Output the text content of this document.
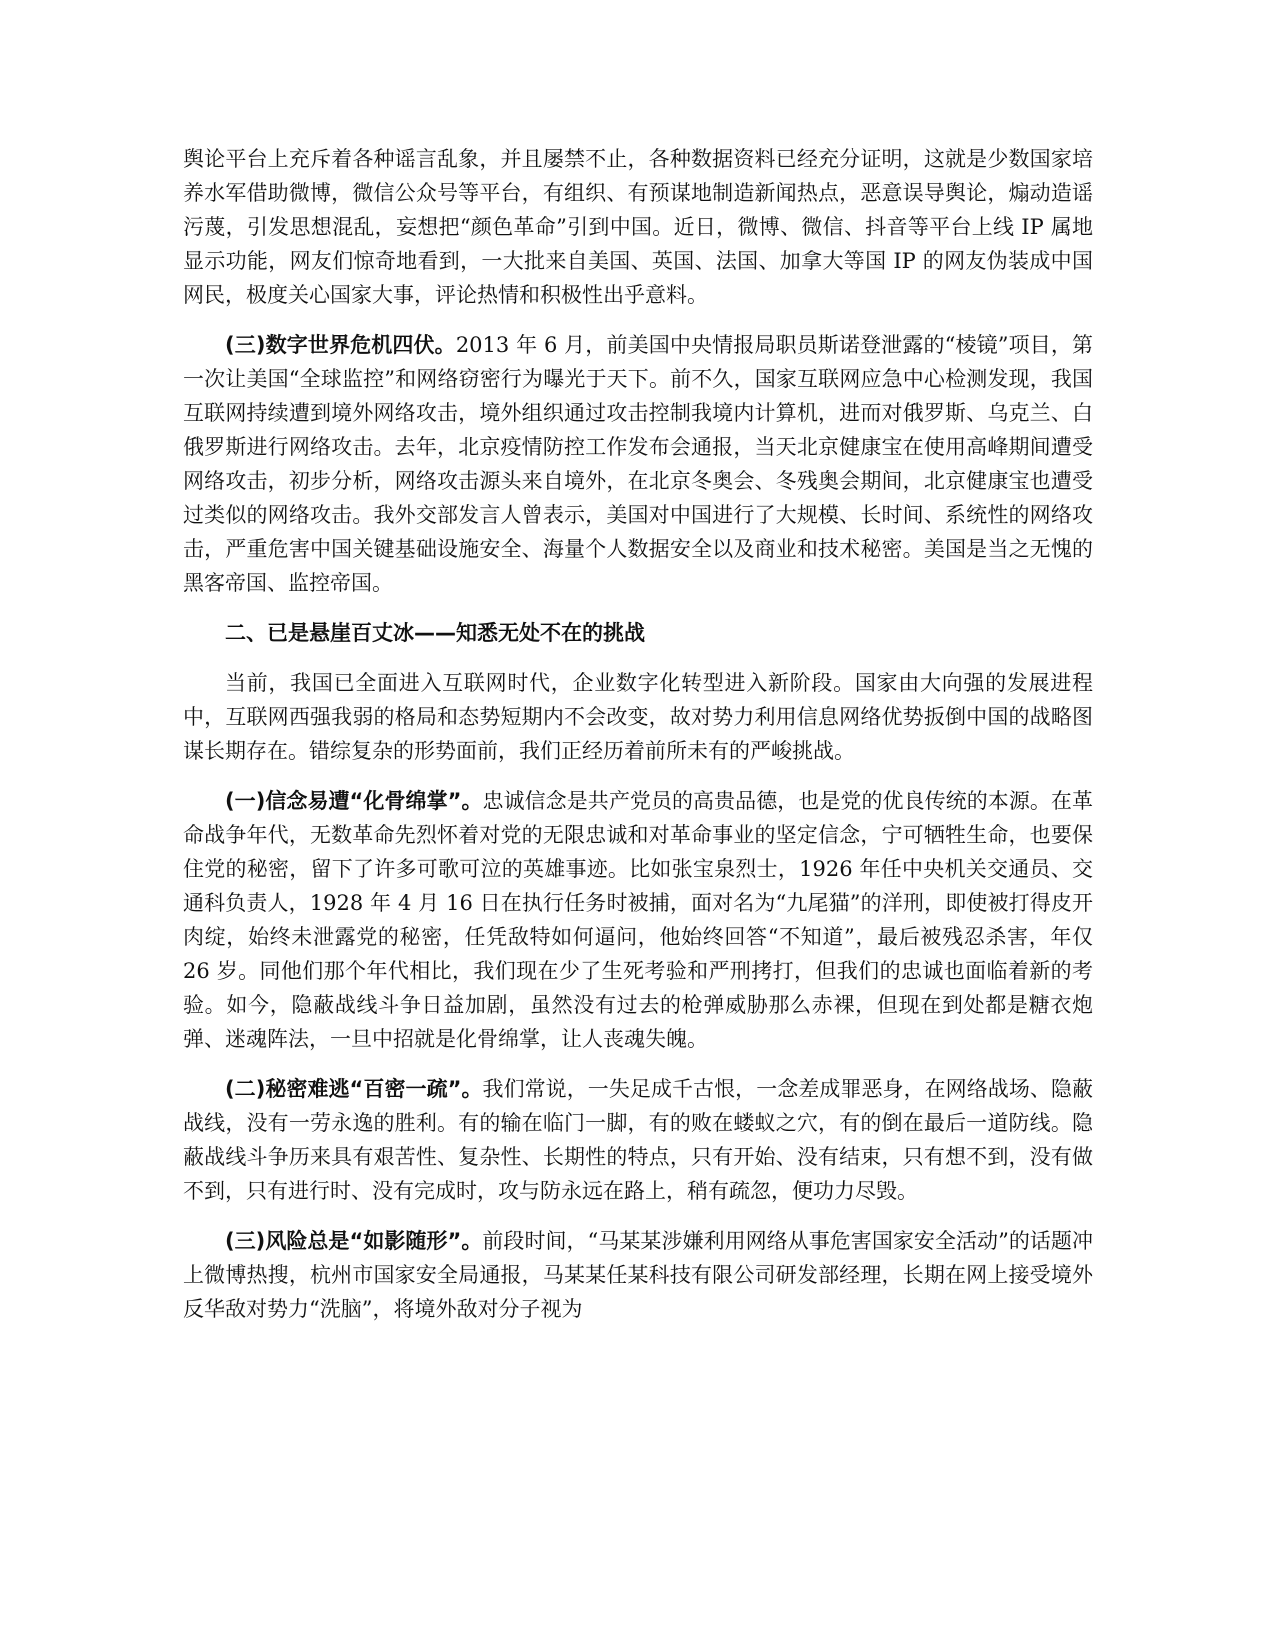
舆论平台上充斥着各种谣言乱象，并且屡禁不止，各种数据资料已经充分证明，这就是少数国家培养水军借助微博，微信公众号等平台，有组织、有预谋地制造新闻热点，恶意误导舆论，煽动造谣污蔑，引发思想混乱，妄想把“颜色革命”引到中国。近日，微博、微信、抖音等平台上线 IP 属地显示功能，网友们惊奇地看到，一大批来自美国、英国、法国、加拿大等国 IP 的网友伪装成中国网民，极度关心国家大事，评论热情和积极性出乎意料。

(三)数字世界危机四伏。2013 年 6 月，前美国中央情报局职员斯诺登泄露的“棱镜”项目，第一次让美国“全球监控”和网络窃密行为曝光于天下。前不久，国家互联网应急中心检测发现，我国互联网持续遭到境外网络攻击，境外组织通过攻击控制我境内计算机，进而对俄罗斯、乌克兰、白俄罗斯进行网络攻击。去年，北京疫情防控工作发布会通报，当天北京健康宝在使用高峰期间遭受网络攻击，初步分析，网络攻击源头来自境外，在北京冬奥会、冬残奥会期间，北京健康宝也遭受过类似的网络攻击。我外交部发言人曾表示，美国对中国进行了大规模、长时间、系统性的网络攻击，严重危害中国关键基础设施安全、海量个人数据安全以及商业和技术秘密。美国是当之无愧的黑客帝国、监控帝国。

二、已是悬崖百丈冰——知悉无处不在的挑战

当前，我国已全面进入互联网时代，企业数字化转型进入新阶段。国家由大向强的发展进程中，互联网西强我弱的格局和态势短期内不会改变，故对势力利用信息网络优势扳倒中国的战略图谋长期存在。错综复杂的形势面前，我们正经历着前所未有的严峻挑战。

(一)信念易遭“化骨绵掌”。忠诚信念是共产党员的高贵品德，也是党的优良传统的本源。在革命战争年代，无数革命先烈怀着对党的无限忠诚和对革命事业的坚定信念，宁可牺牲生命，也要保住党的秘密，留下了许多可歌可泣的英雄事迹。比如张宝泉烈士，1926 年任中央机关交通员、交通科负责人，1928 年 4 月 16 日在执行任务时被捕，面对名为“九尾猫”的洋刑，即使被打得皮开肉绽，始终未泄露党的秘密，任凭敌特如何逼问，他始终回答“不知道”，最后被残忍杀害，年仅 26 岁。同他们那个年代相比，我们现在少了生死考验和严刑拷打，但我们的忠诚也面临着新的考验。如今，隐蔽战线斗争日益加剧，虽然没有过去的枪弹威胁那么赤裸，但现在到处都是糖衣炮弹、迷魂阵法，一旦中招就是化骨绵掌，让人丧魂失魄。

(二)秘密难逃“百密一疏”。我们常说，一失足成千古恨，一念差成罪恶身，在网络战场、隐蔽战线，没有一劳永逸的胜利。有的输在临门一脚，有的败在蝼蚁之穴，有的倒在最后一道防线。隐蔽战线斗争历来具有艰苦性、复杂性、长期性的特点，只有开始、没有结束，只有想不到，没有做不到，只有进行时、没有完成时，攻与防永远在路上，稍有疏忽，便功力尽毁。

(三)风险总是“如影随形”。前段时间，“马某某涉嫌利用网络从事危害国家安全活动”的话题冲上微博热搜，杭州市国家安全局通报，马某某任某科技有限公司研发部经理，长期在网上接受境外反华敌对势力“洗脑”，将境外敌对分子视为
